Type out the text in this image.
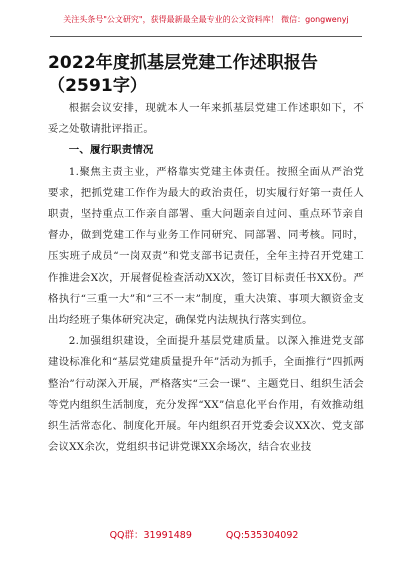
关注头条号"公文研究"，获得最新最全最专业的公文资料库！ 微信：gongwenyj
2022年度抓基层党建工作述职报告（2591字）

根据会议安排，现就本人一年来抓基层党建工作述职如下，不妥之处敬请批评指正。

一、履行职责情况

1.聚焦主责主业，严格靠实党建主体责任。按照全面从严治党要求，把抓党建工作作为最大的政治责任，切实履行好第一责任人职责，坚持重点工作亲自部署、重大问题亲自过问、重点环节亲自督办，做到党建工作与业务工作同研究、同部署、同考核。同时，压实班子成员“一岗双责”和党支部书记责任，全年主持召开党建工作推进会X次，开展督促检查活动XX次，签订目标责任书XX份。严格执行“三重一大”和“三不一末”制度，重大决策、事项大额资金支出均经班子集体研究决定，确保党内法规执行落实到位。

2.加强组织建设，全面提升基层党建质量。以深入推进党支部建设标准化和“基层党建质量提升年”活动为抓手，全面推行“四抓两整治”行动深入开展，严格落实“三会一课”、主题党日、组织生活会等党内组织生活制度，充分发挥“XX”信息化平台作用，有效推动组织生活常态化、制度化开展。年内组织召开党委会议XX次、党支部会议XX余次，党组织书记讲党课XX余场次，结合农业技

QQ群：31991489	QQ:535304092
